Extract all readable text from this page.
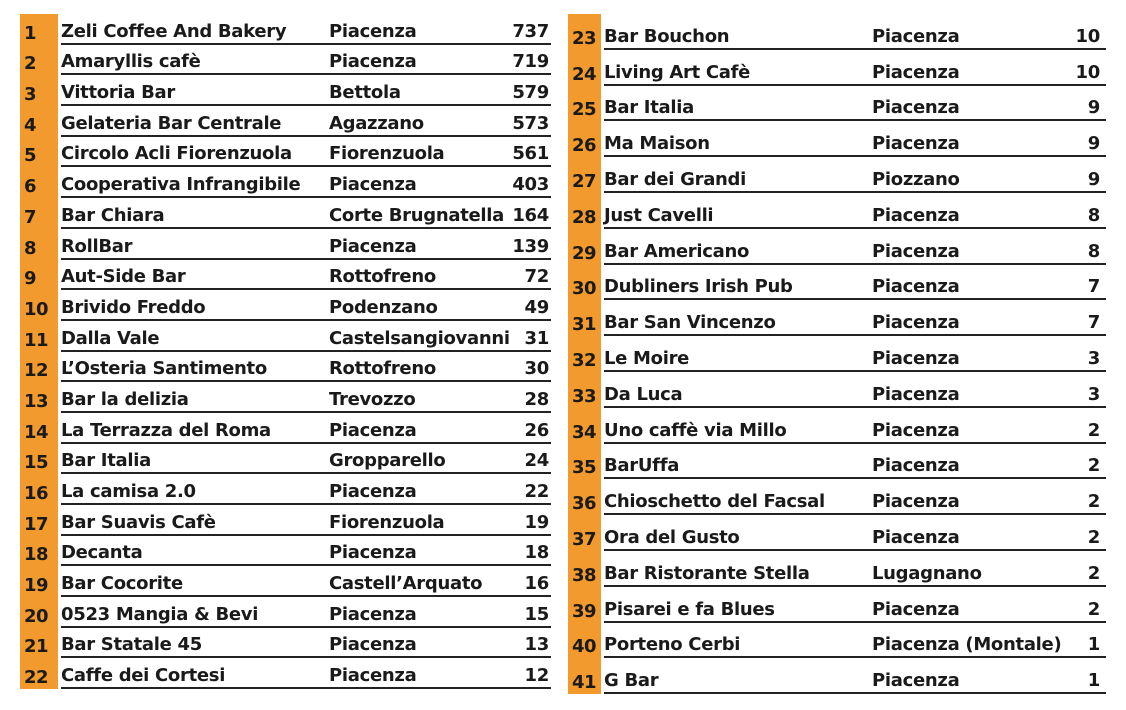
1	Zeli Coffee And Bakery	Piacenza	737
2	Amaryllis cafè	Piacenza	719
3	Vittoria Bar	Bettola	579
4	Gelateria Bar Centrale	Agazzano	573
5	Circolo Acli Fiorenzuola	Fiorenzuola	561
6	Cooperativa Infrangibile	Piacenza	403
7	Bar Chiara	Corte Brugnatella 164
8	RollBar	Piacenza	139
9	Aut-Side Bar	Rottofreno	72
10 Brivido Freddo	Podenzano	49
11 Dalla Vale	Castelsangiovanni 31
12 L’Osteria Santimento	Rottofreno	30
13 Bar la delizia	Trevozzo	28
14 La Terrazza del Roma	Piacenza	26
15 Bar Italia	Gropparello	24
16 La camisa 2.0	Piacenza	22
17 Bar Suavis Cafè	Fiorenzuola	19
18 Decanta	Piacenza	18
19 Bar Cocorite	Castell’Arquato	16
20 0523 Mangia & Bevi	Piacenza	15
21 Bar Statale 45	Piacenza	13
22 Caffe dei Cortesi	Piacenza	12
23 Bar Bouchon	Piacenza	10
24 Living Art Cafè	Piacenza	10
25 Bar Italia	Piacenza	9
26 Ma Maison	Piacenza	9
27 Bar dei Grandi	Piozzano	9
28 Just Cavelli	Piacenza	8
29 Bar Americano	Piacenza	8
30 Dubliners Irish Pub	Piacenza	7
31 Bar San Vincenzo	Piacenza	7
32 Le Moire	Piacenza	3
33 Da Luca	Piacenza	3
34 Uno caffè via Millo	Piacenza	2
35 BarUffa	Piacenza	2
36 Chioschetto del Facsal	Piacenza	2
37 Ora del Gusto	Piacenza	2
38 Bar Ristorante Stella	Lugagnano	2
39 Pisarei e fa Blues	Piacenza	2
40 Porteno Cerbi	Piacenza (Montale)	1
41 G Bar	Piacenza	1
